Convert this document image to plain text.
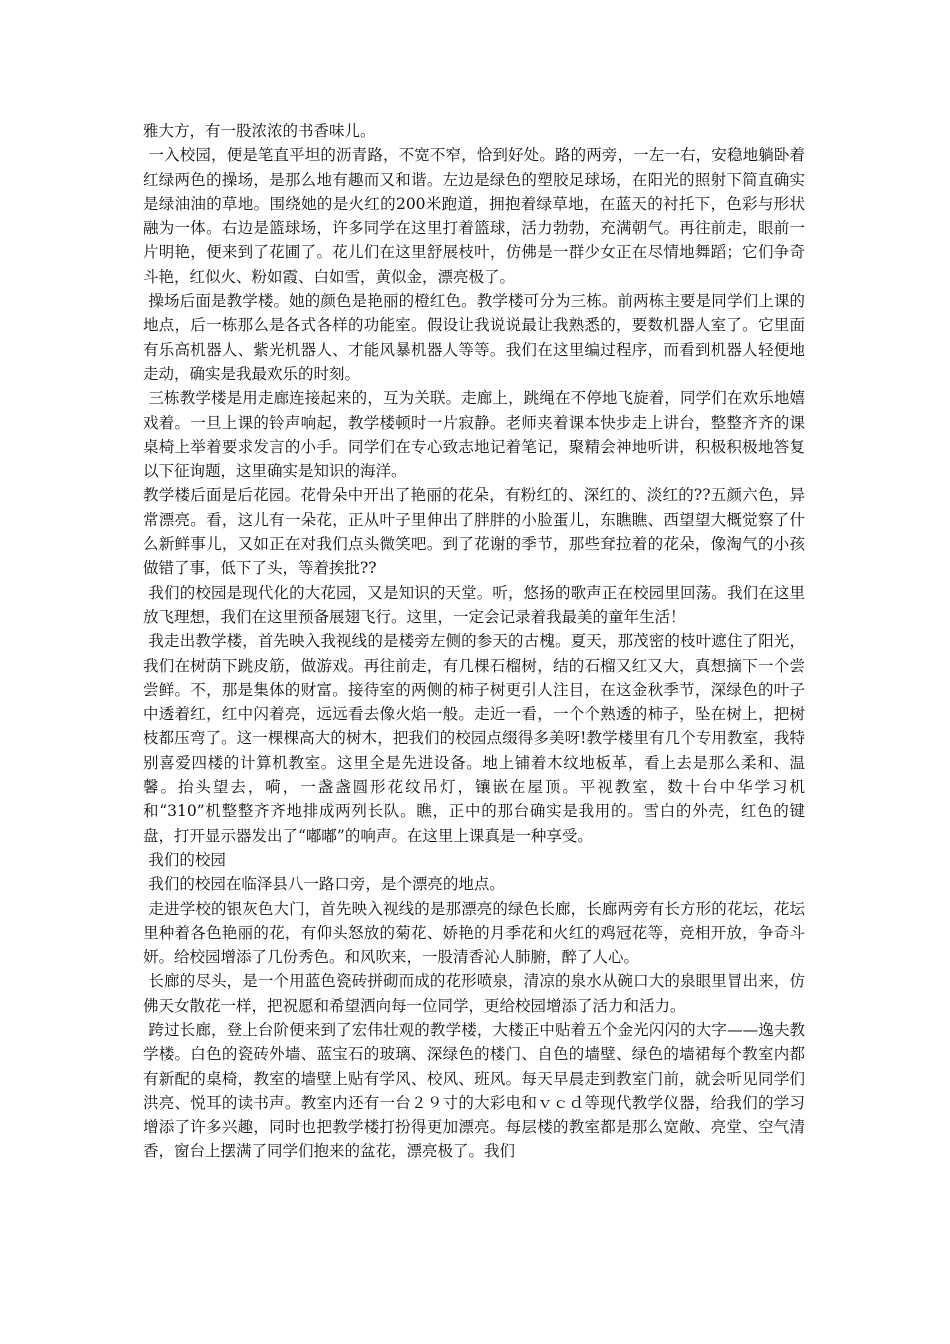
雅大方，有一股浓浓的书香味儿。

一入校园，便是笔直平坦的沥青路，不宽不窄，恰到好处。路的两旁，一左一右，安稳地躺卧着红绿两色的操场，是那么地有趣而又和谐。左边是绿色的塑胶足球场，在阳光的照射下简直确实是绿油油的草地。围绕她的是火红的200米跑道，拥抱着绿草地，在蓝天的衬托下，色彩与形状融为一体。右边是篮球场，许多同学在这里打着篮球，活力勃勃，充满朝气。再往前走，眼前一片明艳，便来到了花圃了。花儿们在这里舒展枝叶，仿佛是一群少女正在尽情地舞蹈；它们争奇斗艳，红似火、粉如霞、白如雪，黄似金，漂亮极了。

操场后面是教学楼。她的颜色是艳丽的橙红色。教学楼可分为三栋。前两栋主要是同学们上课的地点，后一栋那么是各式各样的功能室。假设让我说说最让我熟悉的，要数机器人室了。它里面有乐高机器人、紫光机器人、才能风暴机器人等等。我们在这里编过程序，而看到机器人轻便地走动，确实是我最欢乐的时刻。

三栋教学楼是用走廊连接起来的，互为关联。走廊上，跳绳在不停地飞旋着，同学们在欢乐地嬉戏着。一旦上课的铃声响起，教学楼顿时一片寂静。老师夹着课本快步走上讲台，整整齐齐的课桌椅上举着要求发言的小手。同学们在专心致志地记着笔记，聚精会神地听讲，积极积极地答复以下征询题，这里确实是知识的海洋。

教学楼后面是后花园。花骨朵中开出了艳丽的花朵，有粉红的、深红的、淡红的??五颜六色，异常漂亮。看，这儿有一朵花，正从叶子里伸出了胖胖的小脸蛋儿，东瞧瞧、西望望大概觉察了什么新鲜事儿，又如正在对我们点头微笑吧。到了花谢的季节，那些耷拉着的花朵，像淘气的小孩做错了事，低下了头，等着挨批??

我们的校园是现代化的大花园，又是知识的天堂。听，悠扬的歌声正在校园里回荡。我们在这里放飞理想，我们在这里预备展翅飞行。这里，一定会记录着我最美的童年生活！

我走出教学楼，首先映入我视线的是楼旁左侧的参天的古槐。夏天，那茂密的枝叶遮住了阳光，我们在树荫下跳皮筋，做游戏。再往前走，有几棵石榴树，结的石榴又红又大，真想摘下一个尝尝鲜。不，那是集体的财富。接待室的两侧的柿子树更引人注目，在这金秋季节，深绿色的叶子中透着红，红中闪着亮，远远看去像火焰一般。走近一看，一个个熟透的柿子，坠在树上，把树枝都压弯了。这一棵棵高大的树木，把我们的校园点缀得多美呀!教学楼里有几个专用教室，我特别喜爱四楼的计算机教室。这里全是先进设备。地上铺着木纹地板革，看上去是那么柔和、温馨。抬头望去，嗬，一盏盏圆形花纹吊灯，镶嵌在屋顶。平视教室，数十台中华学习机和“310”机整整齐齐地排成两列长队。瞧，正中的那台确实是我用的。雪白的外壳，红色的键盘，打开显示器发出了“嘟嘟”的响声。在这里上课真是一种享受。

我们的校园

我们的校园在临泽县八一路口旁，是个漂亮的地点。

走进学校的银灰色大门，首先映入视线的是那漂亮的绿色长廊，长廊两旁有长方形的花坛，花坛里种着各色艳丽的花，有仰头怒放的菊花、娇艳的月季花和火红的鸡冠花等，竞相开放，争奇斗妍。给校园增添了几份秀色。和风吹来，一股清香沁人肺腑，醉了人心。

长廊的尽头，是一个用蓝色瓷砖拼砌而成的花形喷泉，清凉的泉水从碗口大的泉眼里冒出来，仿佛天女散花一样，把祝愿和希望洒向每一位同学，更给校园增添了活力和活力。

跨过长廊，登上台阶便来到了宏伟壮观的教学楼，大楼正中贴着五个金光闪闪的大字——逸夫教学楼。白色的瓷砖外墙、蓝宝石的玻璃、深绿色的楼门、自色的墙壁、绿色的墙裙每个教室内都有新配的桌椅，教室的墙壁上贴有学风、校风、班风。每天早晨走到教室门前，就会听见同学们洪亮、悦耳的读书声。教室内还有一台２９寸的大彩电和ｖｃｄ等现代教学仪器，给我们的学习增添了许多兴趣，同时也把教学楼打扮得更加漂亮。每层楼的教室都是那么宽敞、亮堂、空气清香，窗台上摆满了同学们抱来的盆花，漂亮极了。我们
